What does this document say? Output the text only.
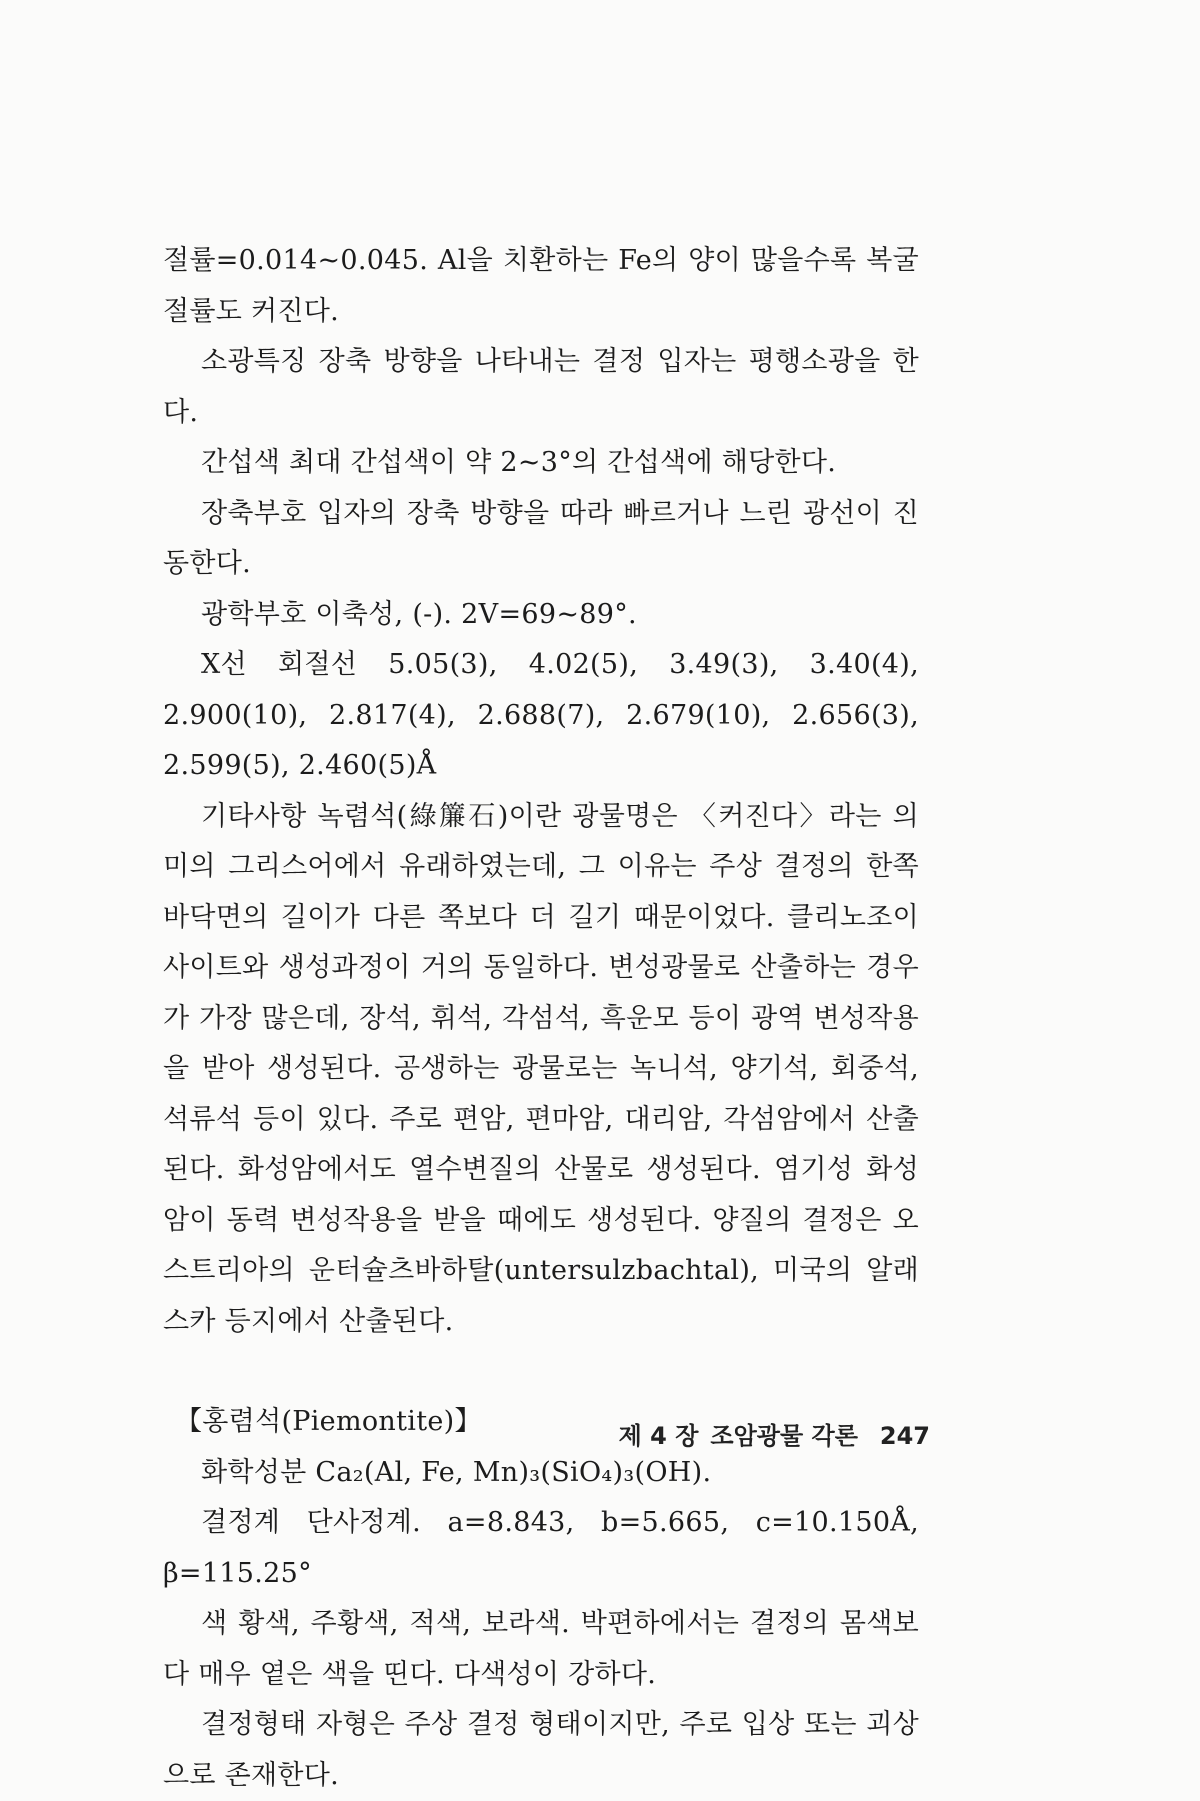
절률=0.014~0.045. Al을 치환하는 Fe의 양이 많을수록 복굴절률도 커진다.

소광특징 장축 방향을 나타내는 결정 입자는 평행소광을 한다.

간섭색 최대 간섭색이 약 2~3°의 간섭색에 해당한다.

장축부호 입자의 장축 방향을 따라 빠르거나 느린 광선이 진동한다.

광학부호 이축성, (-). 2V=69~89°.

X선 회절선 5.05(3), 4.02(5), 3.49(3), 3.40(4), 2.900(10), 2.817(4), 2.688(7), 2.679(10), 2.656(3), 2.599(5), 2.460(5)Å

기타사항 녹렴석(綠簾石)이란 광물명은 〈커진다〉라는 의미의 그리스어에서 유래하였는데, 그 이유는 주상 결정의 한쪽 바닥면의 길이가 다른 쪽보다 더 길기 때문이었다. 클리노조이사이트와 생성과정이 거의 동일하다. 변성광물로 산출하는 경우가 가장 많은데, 장석, 휘석, 각섬석, 흑운모 등이 광역 변성작용을 받아 생성된다. 공생하는 광물로는 녹니석, 양기석, 회중석, 석류석 등이 있다. 주로 편암, 편마암, 대리암, 각섬암에서 산출된다. 화성암에서도 열수변질의 산물로 생성된다. 염기성 화성암이 동력 변성작용을 받을 때에도 생성된다. 양질의 결정은 오스트리아의 운터슐츠바하탈(untersulzbachtal), 미국의 알래스카 등지에서 산출된다.

【홍렴석(Piemontite)】

화학성분 Ca₂(Al, Fe, Mn)₃(SiO₄)₃(OH).

결정계 단사정계. a=8.843, b=5.665, c=10.150Å, β=115.25°

색 황색, 주황색, 적색, 보라색. 박편하에서는 결정의 몸색보다 매우 옅은 색을 띤다. 다색성이 강하다.

결정형태 자형은 주상 결정 형태이지만, 주로 입상 또는 괴상으로 존재한다.

제 4 장 조암광물 각론 247
